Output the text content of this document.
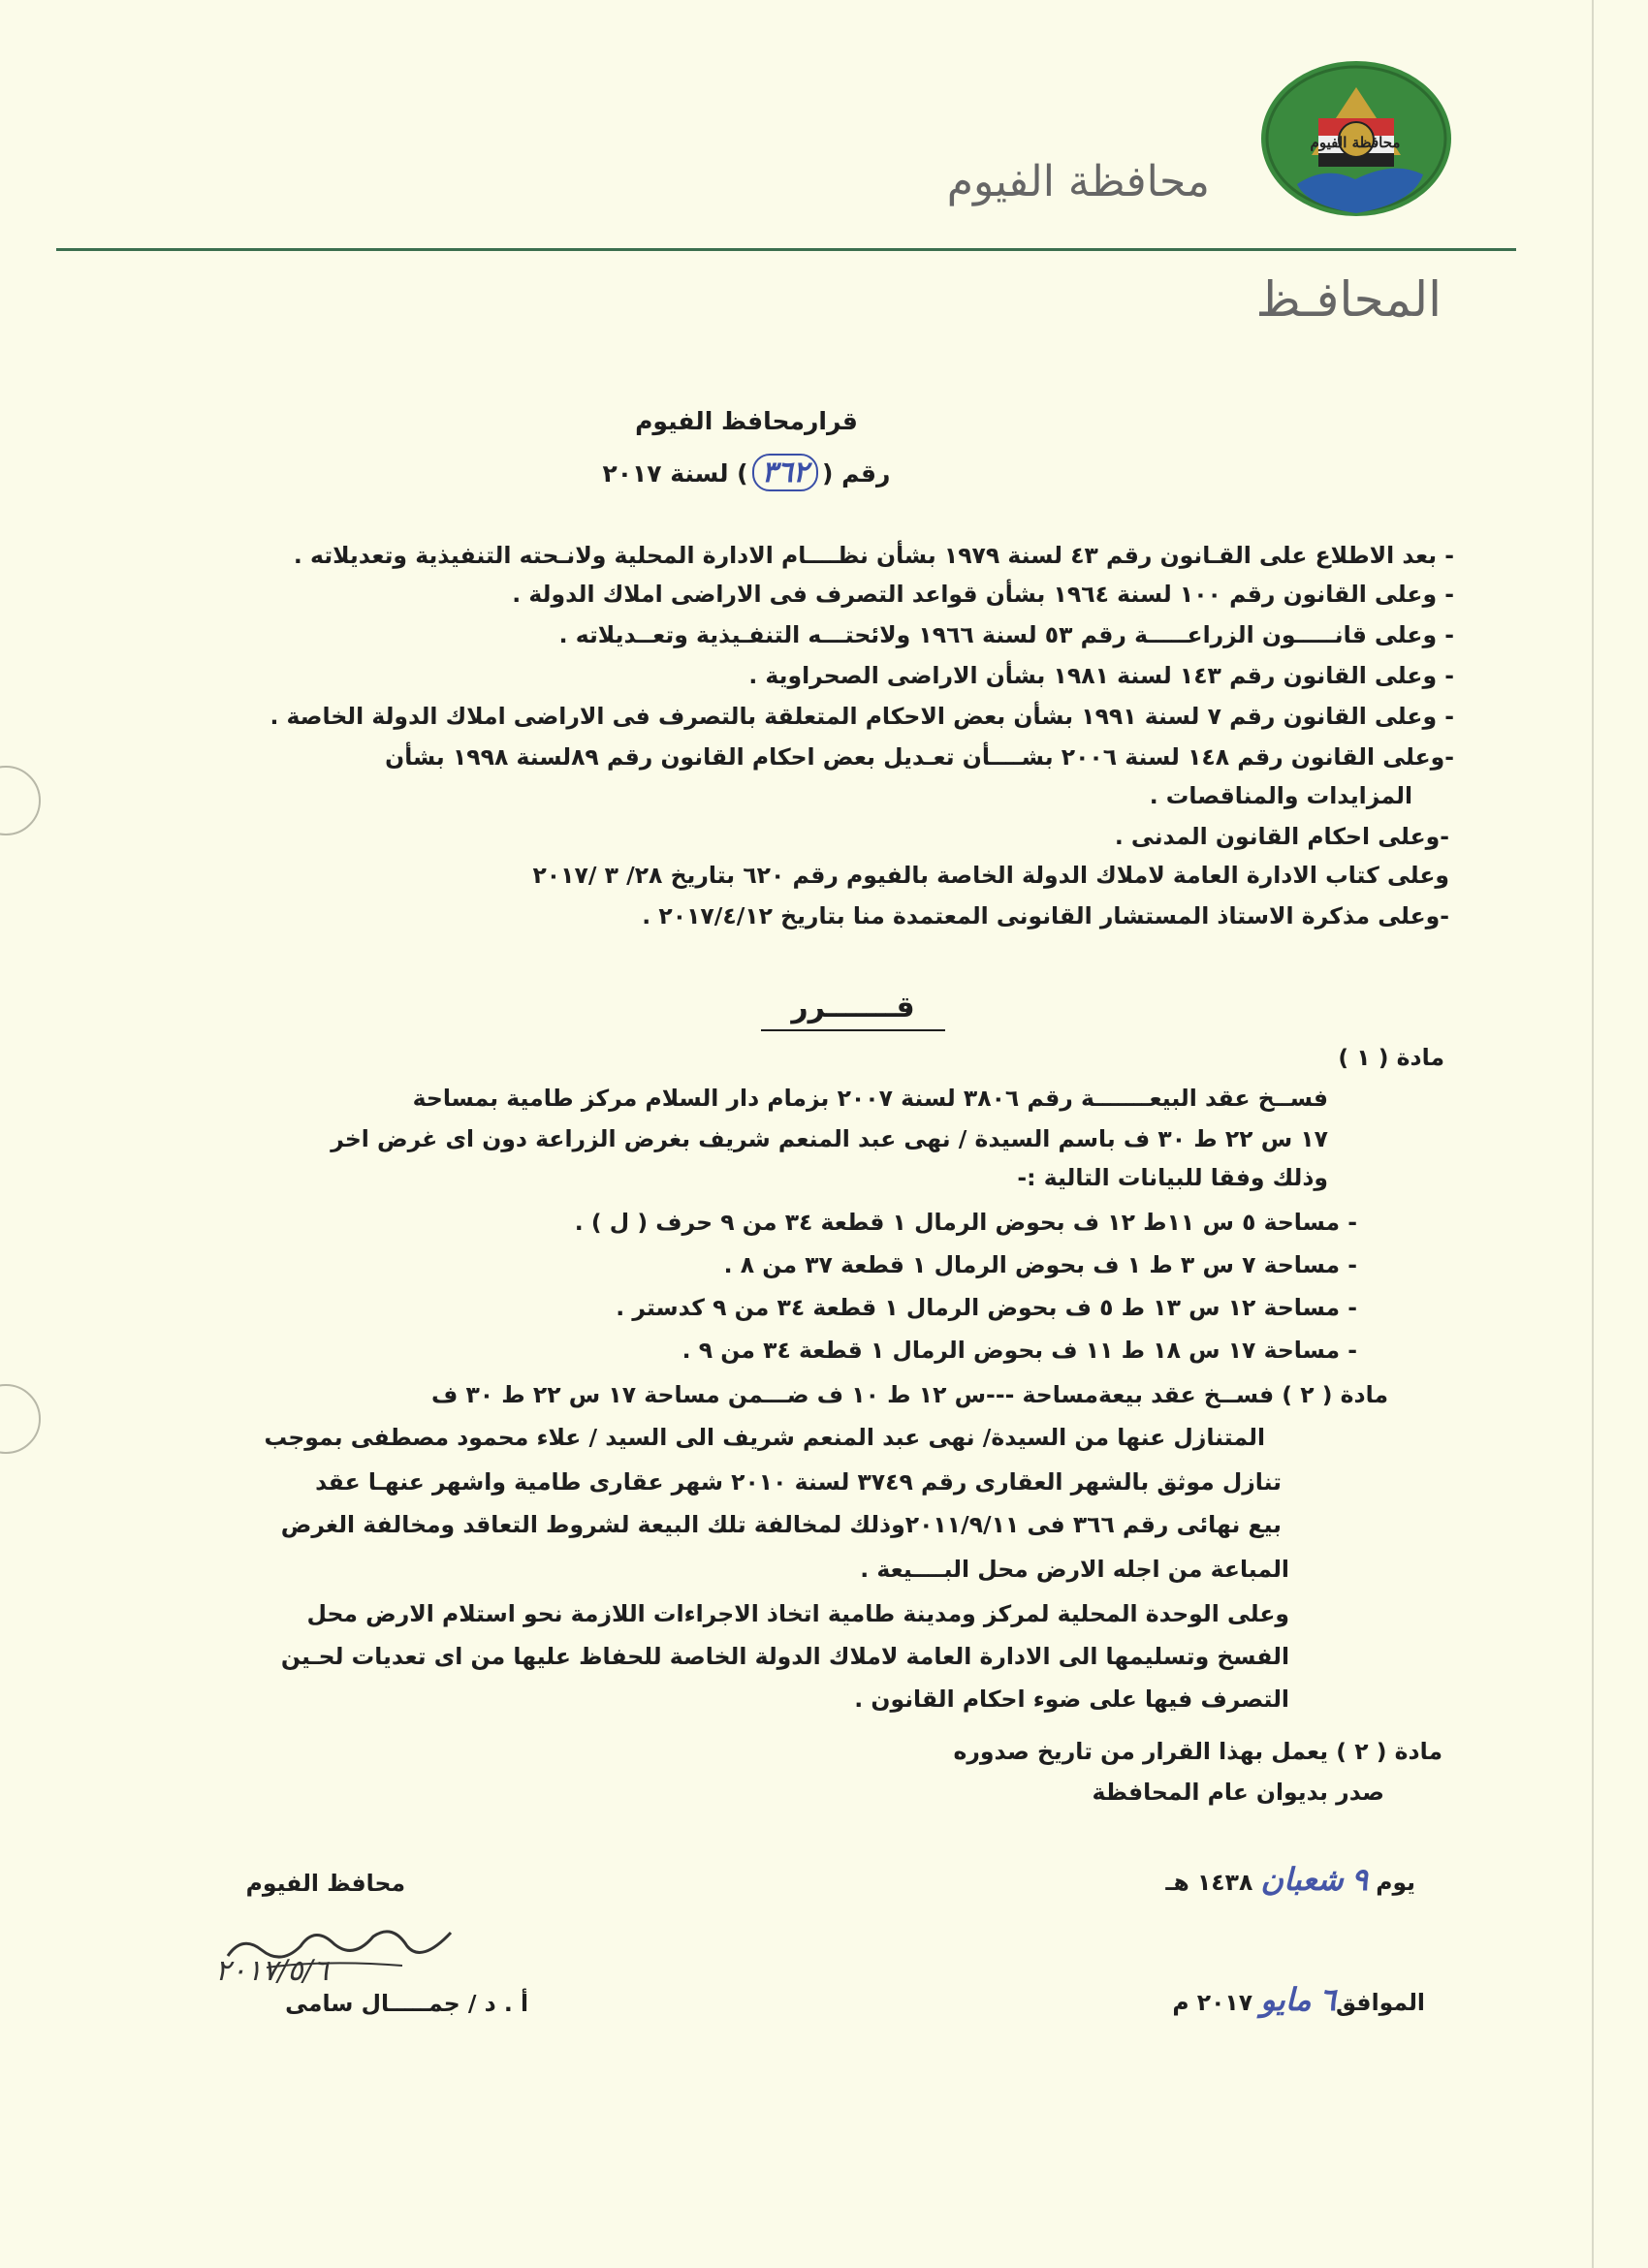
محافظة الفيوم
محافظة الفيوم
المحافـظ
قرارمحافظ الفيوم
رقم (٣٦٢) لسنة ٢٠١٧
- بعد الاطلاع على القـانون رقم ٤٣ لسنة ١٩٧٩ بشأن نظــــام الادارة المحلية ولانـحته التنفيذية وتعديلاته .
- وعلى القانون رقم ١٠٠ لسنة ١٩٦٤ بشأن قواعد التصرف فى الاراضى املاك الدولة .
- وعلى قانـــــون الزراعـــــة رقم ٥٣ لسنة ١٩٦٦ ولائحتـــه التنفـيذية وتعــديلاته .
- وعلى القانون رقم ١٤٣ لسنة ١٩٨١ بشأن الاراضى الصحراوية .
- وعلى القانون رقم ٧ لسنة ١٩٩١ بشأن بعض الاحكام المتعلقة بالتصرف فى الاراضى املاك الدولة الخاصة .
-وعلى القانون رقم ١٤٨ لسنة ٢٠٠٦ بشــــأن تعـديل بعض احكام القانون رقم ٨٩لسنة ١٩٩٨ بشأن
المزايدات والمناقصات .
-وعلى احكام القانون المدنى .
وعلى كتاب الادارة العامة لاملاك الدولة الخاصة بالفيوم رقم ٦٢٠ بتاريخ ٢٨/ ٣ /٢٠١٧
-وعلى مذكرة الاستاذ المستشار القانونى المعتمدة منا بتاريخ ٢٠١٧/٤/١٢ .
قـــــــرر
مادة ( ١ )
فســخ عقد البيعـــــــة رقم ٣٨٠٦ لسنة ٢٠٠٧ بزمام دار السلام مركز طامية بمساحة
١٧ س ٢٢ ط ٣٠ ف باسم السيدة / نهى عبد المنعم شريف بغرض الزراعة دون اى غرض اخر
وذلك وفقا للبيانات التالية :-
- مساحة ٥ س ١١ط ١٢ ف بحوض الرمال ١ قطعة ٣٤ من ٩ حرف ( ل ) .
- مساحة ٧ س ٣ ط ١ ف بحوض الرمال ١ قطعة ٣٧ من ٨ .
- مساحة ١٢ س ١٣ ط ٥ ف بحوض الرمال ١ قطعة ٣٤ من ٩ كدستر .
- مساحة ١٧ س ١٨ ط ١١ ف بحوض الرمال ١ قطعة ٣٤ من ٩ .
مادة ( ٢ ) فســخ عقد بيعةمساحة ---س ١٢ ط ١٠ ف ضـــمن مساحة ١٧ س ٢٢ ط ٣٠ ف
المتنازل عنها من السيدة/ نهى عبد المنعم شريف الى السيد / علاء محمود مصطفى بموجب
تنازل موثق بالشهر العقارى رقم ٣٧٤٩ لسنة ٢٠١٠ شهر عقارى طامية واشهر عنهـا عقد
بيع نهائى رقم ٣٦٦ فى ٢٠١١/٩/١١وذلك لمخالفة تلك البيعة لشروط التعاقد ومخالفة الغرض
المباعة من اجله الارض محل البــــيعة .
وعلى الوحدة المحلية لمركز ومدينة طامية اتخاذ الاجراءات اللازمة نحو استلام الارض محل
الفسخ وتسليمها الى الادارة العامة لاملاك الدولة الخاصة للحفاظ عليها من اى تعديات لحـين
التصرف فيها على ضوء احكام القانون .
مادة ( ٢ ) يعمل بهذا القرار من تاريخ صدوره
صدر بديوان عام المحافظة
يوم ٩ شعبان ١٤٣٨ هـ
الموافق٦ مايو ٢٠١٧ م
محافظ الفيوم
٢٠١٧/٥/٦
أ . د / جمـــــال سامى
